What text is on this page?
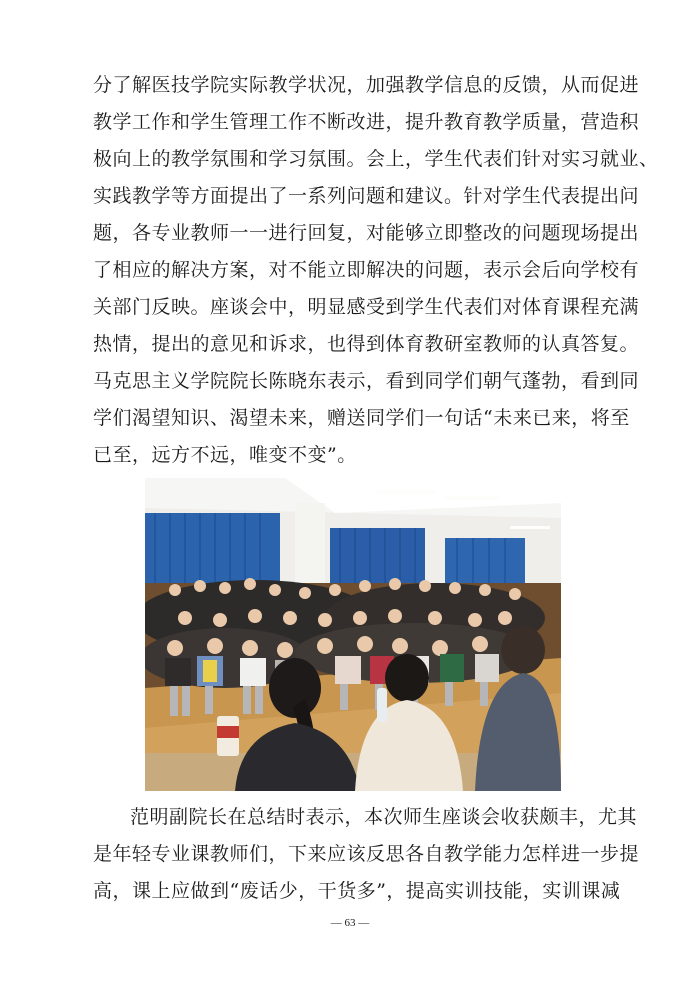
分了解医技学院实际教学状况，加强教学信息的反馈，从而促进
教学工作和学生管理工作不断改进，提升教育教学质量，营造积
极向上的教学氛围和学习氛围。会上，学生代表们针对实习就业、
实践教学等方面提出了一系列问题和建议。针对学生代表提出问
题，各专业教师一一进行回复，对能够立即整改的问题现场提出
了相应的解决方案，对不能立即解决的问题，表示会后向学校有
关部门反映。座谈会中，明显感受到学生代表们对体育课程充满
热情，提出的意见和诉求，也得到体育教研室教师的认真答复。
马克思主义学院院长陈晓东表示，看到同学们朝气蓬勃，看到同
学们渴望知识、渴望未来，赠送同学们一句话“未来已来，将至
已至，远方不远，唯变不变”。
范明副院长在总结时表示，本次师生座谈会收获颇丰，尤其
是年轻专业课教师们，下来应该反思各自教学能力怎样进一步提
高，课上应做到“废话少，干货多”，提高实训技能，实训课减
— 63 —
